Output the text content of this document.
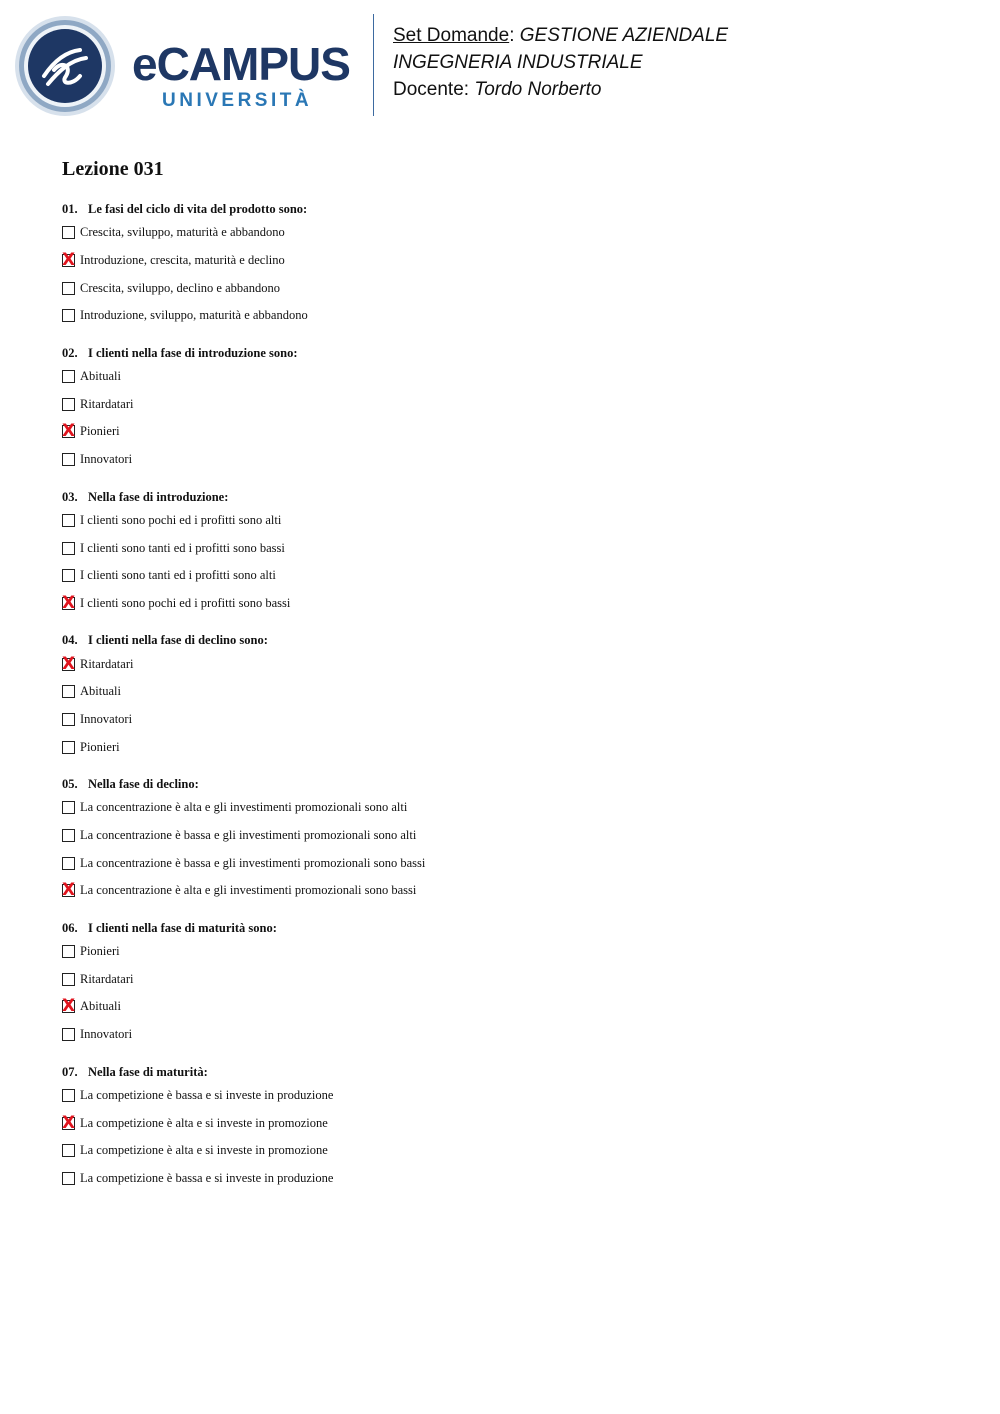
eCAMPUS
UNIVERSITÀ
Set Domande: GESTIONE AZIENDALE
INGEGNERIA INDUSTRIALE
Docente: Tordo Norberto
Lezione 031
01. Le fasi del ciclo di vita del prodotto sono:
Crescita, sviluppo, maturità e abbandono
X
Introduzione, crescita, maturità e declino
Crescita, sviluppo, declino e abbandono
Introduzione, sviluppo, maturità e abbandono
02. I clienti nella fase di introduzione sono:
Abituali
Ritardatari
X
Pionieri
Innovatori
03. Nella fase di introduzione:
I clienti sono pochi ed i profitti sono alti
I clienti sono tanti ed i profitti sono bassi
I clienti sono tanti ed i profitti sono alti
X
I clienti sono pochi ed i profitti sono bassi
04. I clienti nella fase di declino sono:
X
Ritardatari
Abituali
Innovatori
Pionieri
05. Nella fase di declino:
La concentrazione è alta e gli investimenti promozionali sono alti
La concentrazione è bassa e gli investimenti promozionali sono alti
La concentrazione è bassa e gli investimenti promozionali sono bassi
X
La concentrazione è alta e gli investimenti promozionali sono bassi
06. I clienti nella fase di maturità sono:
Pionieri
Ritardatari
X
Abituali
Innovatori
07. Nella fase di maturità:
La competizione è bassa e si investe in produzione
X
La competizione è alta e si investe in promozione
La competizione è alta e si investe in promozione
La competizione è bassa e si investe in produzione
